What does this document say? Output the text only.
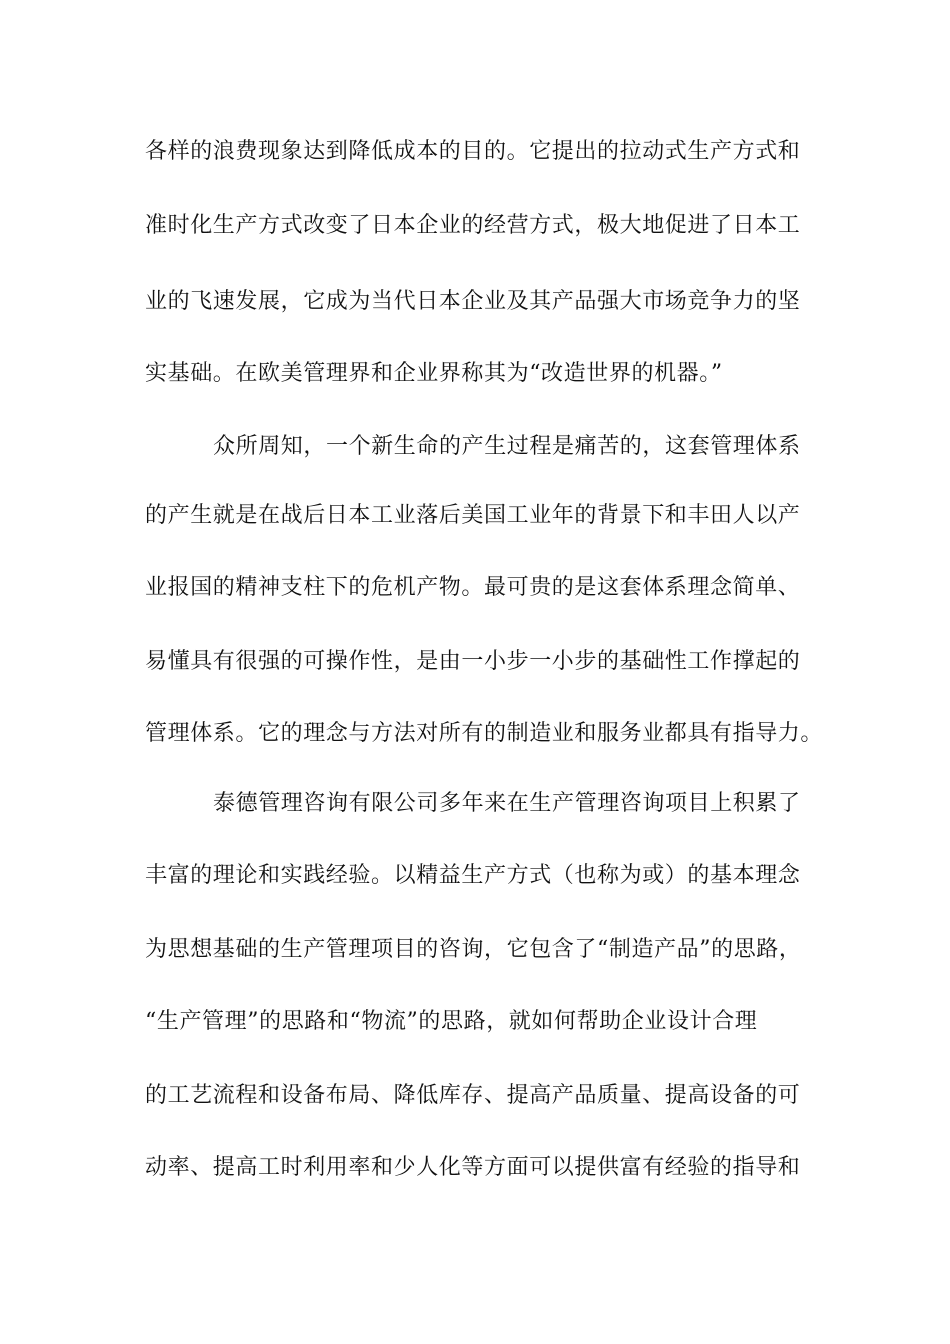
各样的浪费现象达到降低成本的目的。它提出的拉动式生产方式和
准时化生产方式改变了日本企业的经营方式，极大地促进了日本工
业的飞速发展，它成为当代日本企业及其产品强大市场竞争力的坚
实基础。在欧美管理界和企业界称其为“改造世界的机器。”
众所周知，一个新生命的产生过程是痛苦的，这套管理体系
的产生就是在战后日本工业落后美国工业年的背景下和丰田人以产
业报国的精神支柱下的危机产物。最可贵的是这套体系理念简单、
易懂具有很强的可操作性，是由一小步一小步的基础性工作撑起的
管理体系。它的理念与方法对所有的制造业和服务业都具有指导力。
泰德管理咨询有限公司多年来在生产管理咨询项目上积累了
丰富的理论和实践经验。以精益生产方式（也称为或）的基本理念
为思想基础的生产管理项目的咨询，它包含了“制造产品”的思路，
“生产管理”的思路和“物流”的思路，就如何帮助企业设计合理
的工艺流程和设备布局、降低库存、提高产品质量、提高设备的可
动率、提高工时利用率和少人化等方面可以提供富有经验的指导和
